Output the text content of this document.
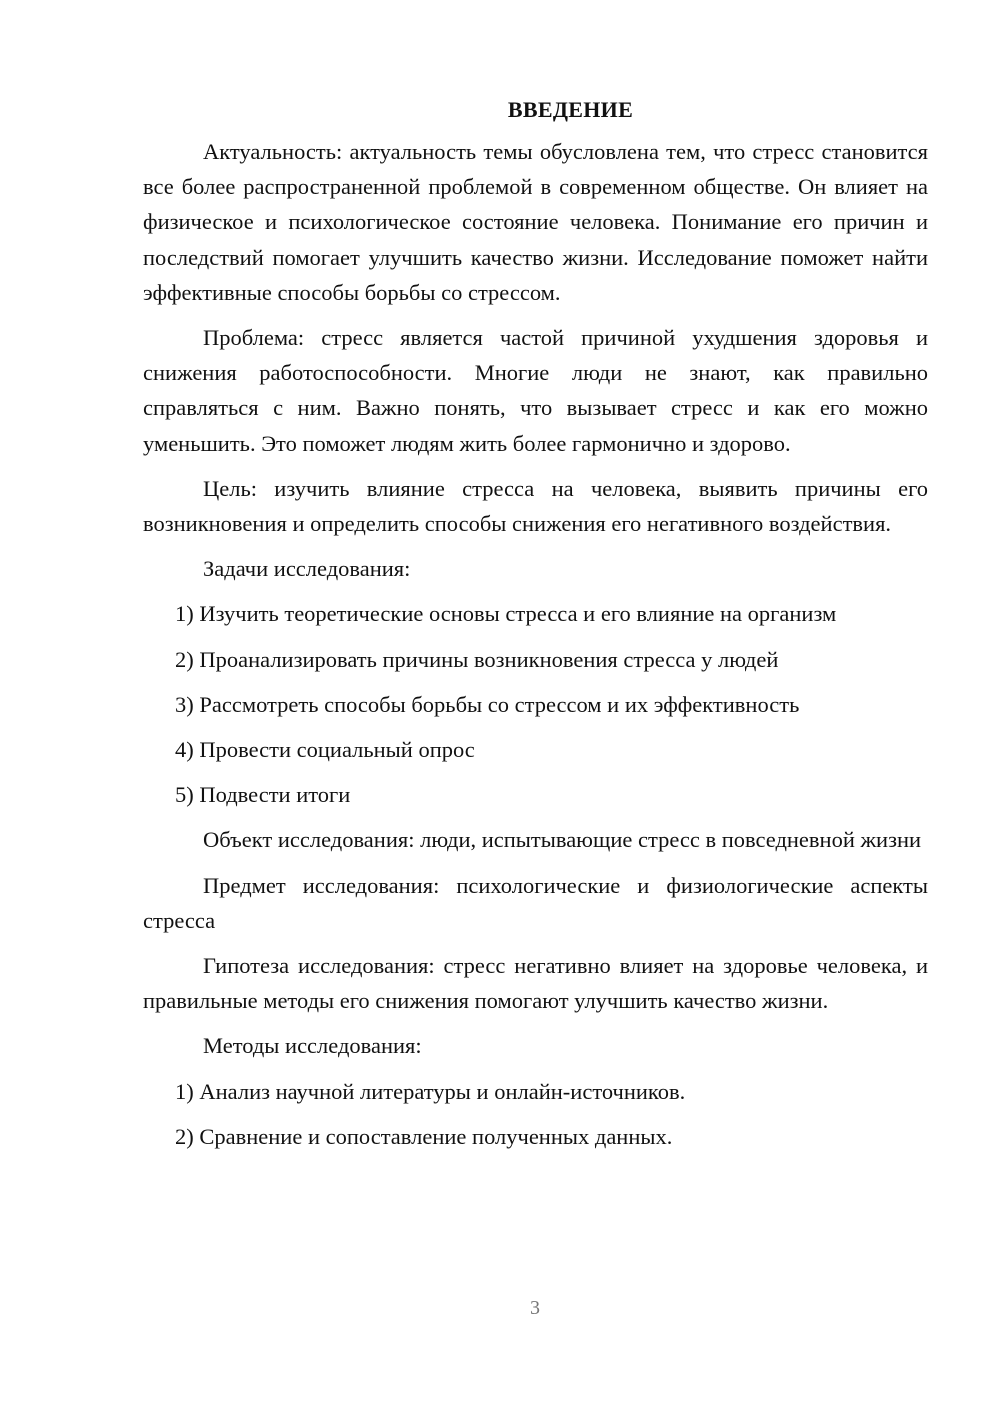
ВВЕДЕНИЕ

Актуальность: актуальность темы обусловлена тем, что стресс становится все более распространенной проблемой в современном обществе. Он влияет на физическое и психологическое состояние человека. Понимание его причин и последствий помогает улучшить качество жизни. Исследование поможет найти эффективные способы борьбы со стрессом.

Проблема: стресс является частой причиной ухудшения здоровья и снижения работоспособности. Многие люди не знают, как правильно справляться с ним. Важно понять, что вызывает стресс и как его можно уменьшить. Это поможет людям жить более гармонично и здорово.

Цель: изучить влияние стресса на человека, выявить причины его возникновения и определить способы снижения его негативного воздействия.

Задачи исследования:

1) Изучить теоретические основы стресса и его влияние на организм
2) Проанализировать причины возникновения стресса у людей
3) Рассмотреть способы борьбы со стрессом и их эффективность
4) Провести социальный опрос
5) Подвести итоги

Объект исследования: люди, испытывающие стресс в повседневной жизни

Предмет исследования: психологические и физиологические аспекты стресса

Гипотеза исследования: стресс негативно влияет на здоровье человека, и правильные методы его снижения помогают улучшить качество жизни.

Методы исследования:

1) Анализ научной литературы и онлайн-источников.
2) Сравнение и сопоставление полученных данных.
3
